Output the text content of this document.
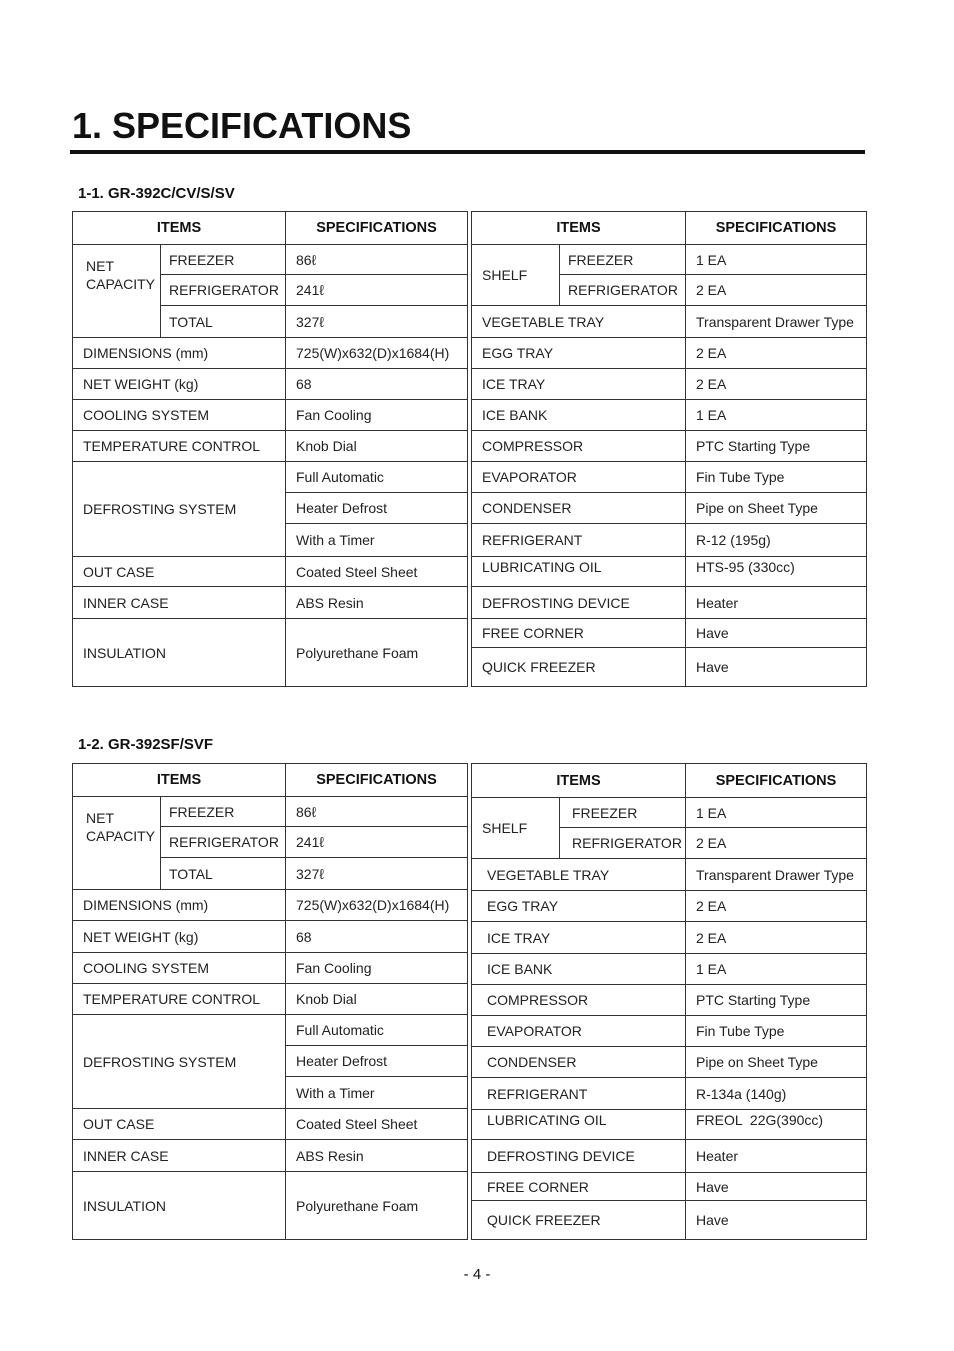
1. SPECIFICATIONS
1-1. GR-392C/CV/S/SV
ITEMS		SPECIFICATIONS
NET
CAPACITY	FREEZER	86ℓ
	REFRIGERATOR	241ℓ
	TOTAL	327ℓ
DIMENSIONS (mm)		725(W)x632(D)x1684(H)
NET WEIGHT (kg)		68
COOLING SYSTEM		Fan Cooling
TEMPERATURE CONTROL		Knob Dial
DEFROSTING SYSTEM		Full Automatic
		Heater Defrost
		With a Timer
OUT CASE		Coated Steel Sheet
INNER CASE		ABS Resin
INSULATION		Polyurethane Foam
ITEMS		SPECIFICATIONS
SHELF	FREEZER	1 EA
	REFRIGERATOR	2 EA
VEGETABLE TRAY		Transparent Drawer Type
EGG TRAY		2 EA
ICE TRAY		2 EA
ICE BANK		1 EA
COMPRESSOR		PTC Starting Type
EVAPORATOR		Fin Tube Type
CONDENSER		Pipe on Sheet Type
REFRIGERANT		R-12 (195g)
LUBRICATING OIL		HTS-95 (330cc)
DEFROSTING DEVICE		Heater
FREE CORNER		Have
QUICK FREEZER		Have
1-2. GR-392SF/SVF
ITEMS		SPECIFICATIONS
NET
CAPACITY	FREEZER	86ℓ
	REFRIGERATOR	241ℓ
	TOTAL	327ℓ
DIMENSIONS (mm)		725(W)x632(D)x1684(H)
NET WEIGHT (kg)		68
COOLING SYSTEM		Fan Cooling
TEMPERATURE CONTROL		Knob Dial
DEFROSTING SYSTEM		Full Automatic
		Heater Defrost
		With a Timer
OUT CASE		Coated Steel Sheet
INNER CASE		ABS Resin
INSULATION		Polyurethane Foam
ITEMS		SPECIFICATIONS
SHELF	FREEZER	1 EA
	REFRIGERATOR	2 EA
VEGETABLE TRAY		Transparent Drawer Type
EGG TRAY		2 EA
ICE TRAY		2 EA
ICE BANK		1 EA
COMPRESSOR		PTC Starting Type
EVAPORATOR		Fin Tube Type
CONDENSER		Pipe on Sheet Type
REFRIGERANT		R-134a (140g)
LUBRICATING OIL		FREOL  22G(390cc)
DEFROSTING DEVICE		Heater
FREE CORNER		Have
QUICK FREEZER		Have
- 4 -
